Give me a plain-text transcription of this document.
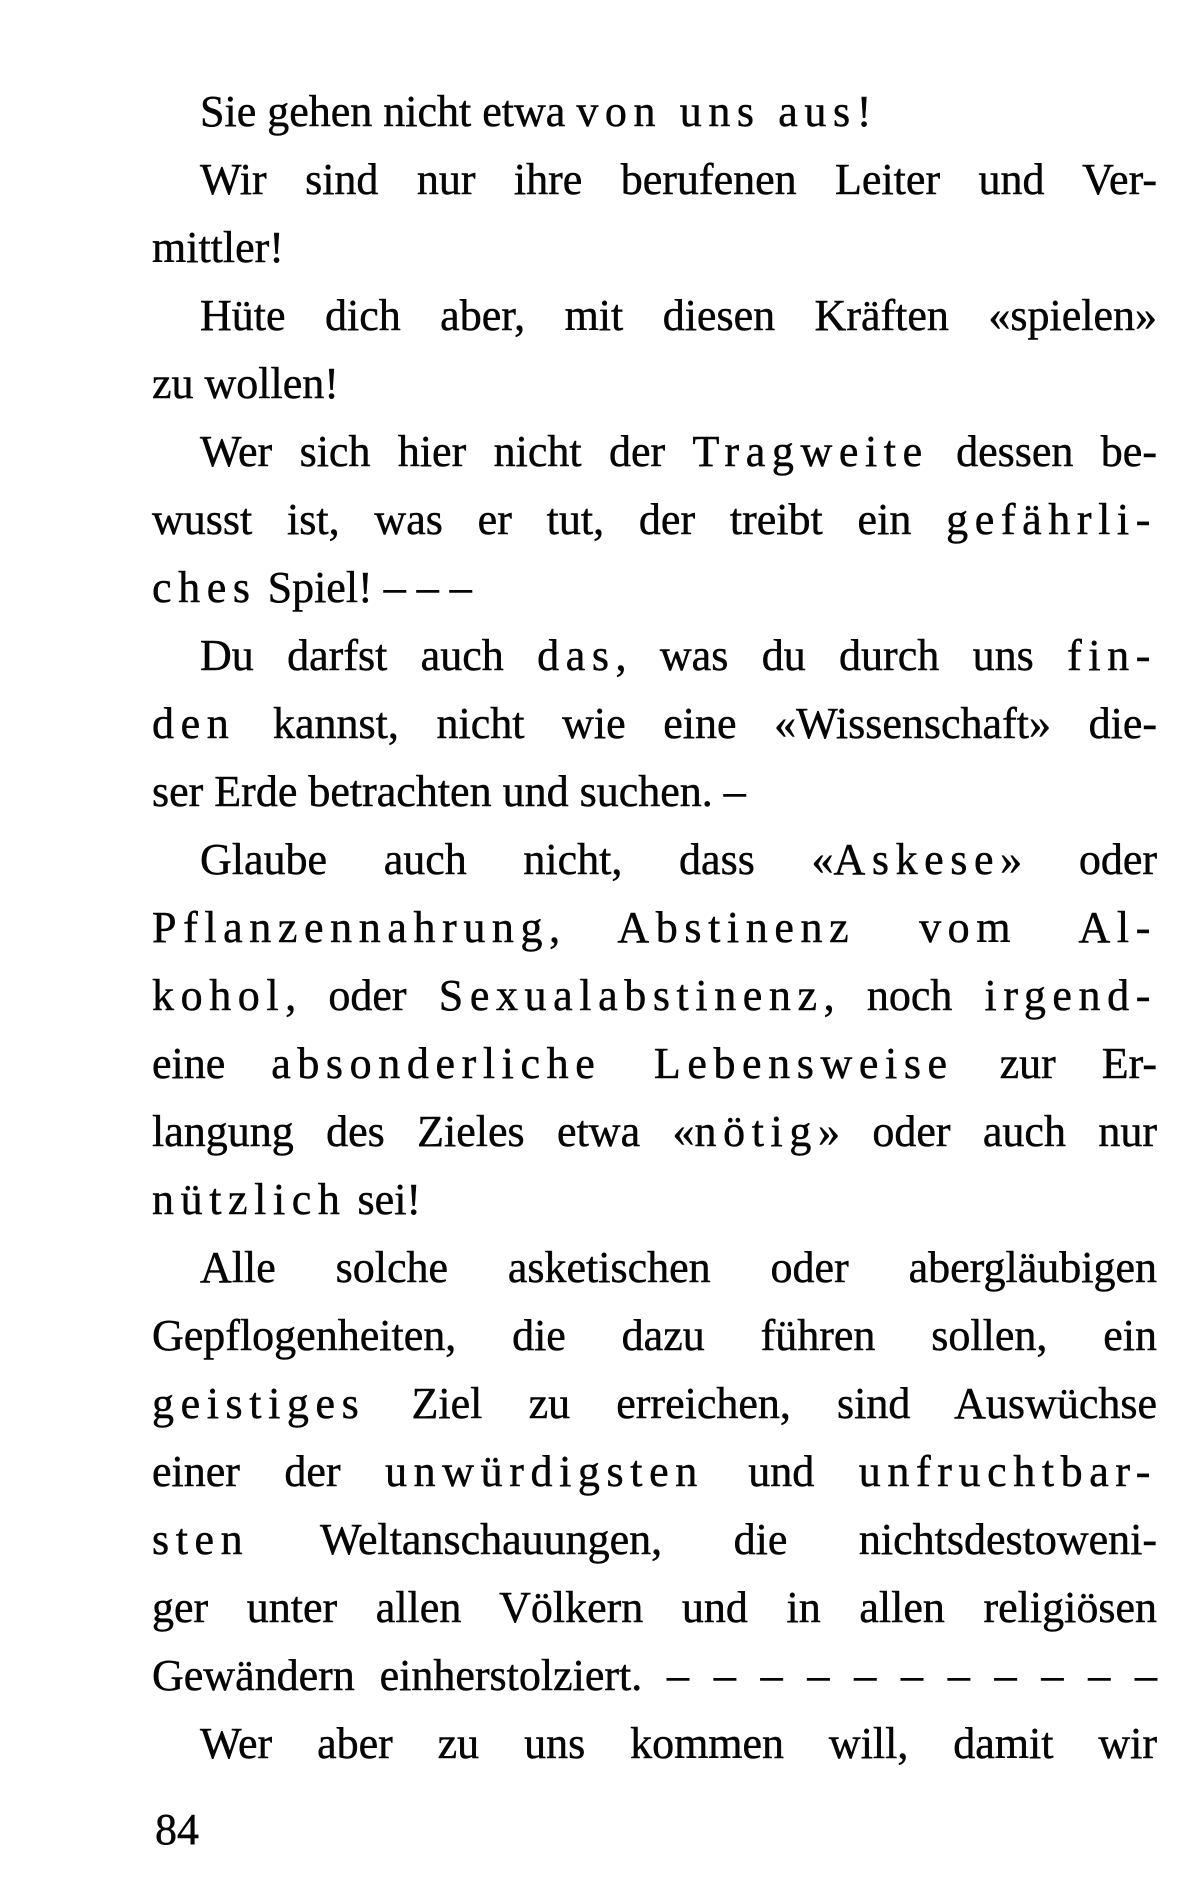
Sie gehen nicht etwa von uns aus!
Wir sind nur ihre berufenen Leiter und Ver-
mittler!
Hüte dich aber, mit diesen Kräften «spielen»
zu wollen!
Wer sich hier nicht der Tragweite dessen be-
wusst ist, was er tut, der treibt ein gefährli-
ches Spiel! – – –
Du darfst auch das, was du durch uns fin-
den kannst, nicht wie eine «Wissenschaft» die-
ser Erde betrachten und suchen. –
Glaube auch nicht, dass «Askese» oder
Pflanzennahrung, Abstinenz vom Al-
kohol, oder Sexualabstinenz, noch irgend-
eine absonderliche Lebensweise zur Er-
langung des Zieles etwa «nötig» oder auch nur
nützlich sei!
Alle solche asketischen oder abergläubigen
Gepflogenheiten, die dazu führen sollen, ein
geistiges Ziel zu erreichen, sind Auswüchse
einer der unwürdigsten und unfruchtbar-
sten Weltanschauungen, die nichtsdestoweni-
ger unter allen Völkern und in allen religiösen
Gewändern einherstolziert. – – – – – – – – – – –
Wer aber zu uns kommen will, damit wir
84
